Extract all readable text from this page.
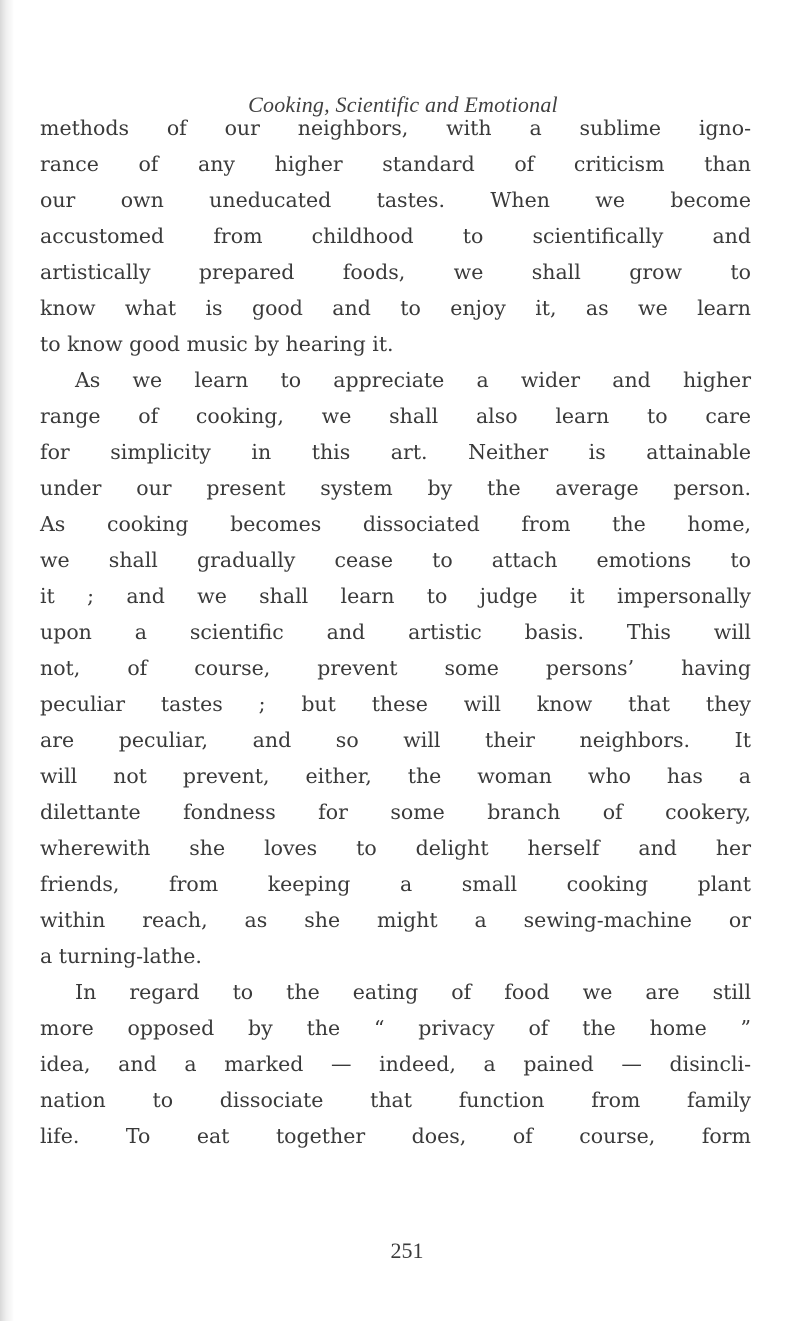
Cooking, Scientific and Emotional
methods of our neighbors, with a sublime igno-
rance of any higher standard of criticism than
our own uneducated tastes. When we become
accustomed from childhood to scientifically and
artistically prepared foods, we shall grow to
know what is good and to enjoy it, as we learn
to know good music by hearing it.
As we learn to appreciate a wider and higher
range of cooking, we shall also learn to care
for simplicity in this art. Neither is attainable
under our present system by the average person.
As cooking becomes dissociated from the home,
we shall gradually cease to attach emotions to
it ; and we shall learn to judge it impersonally
upon a scientific and artistic basis. This will
not, of course, prevent some persons’ having
peculiar tastes ; but these will know that they
are peculiar, and so will their neighbors. It
will not prevent, either, the woman who has a
dilettante fondness for some branch of cookery,
wherewith she loves to delight herself and her
friends, from keeping a small cooking plant
within reach, as she might a sewing-machine or
a turning-lathe.
In regard to the eating of food we are still
more opposed by the “ privacy of the home ”
idea, and a marked — indeed, a pained — disincli-
nation to dissociate that function from family
life. To eat together does, of course, form
251
